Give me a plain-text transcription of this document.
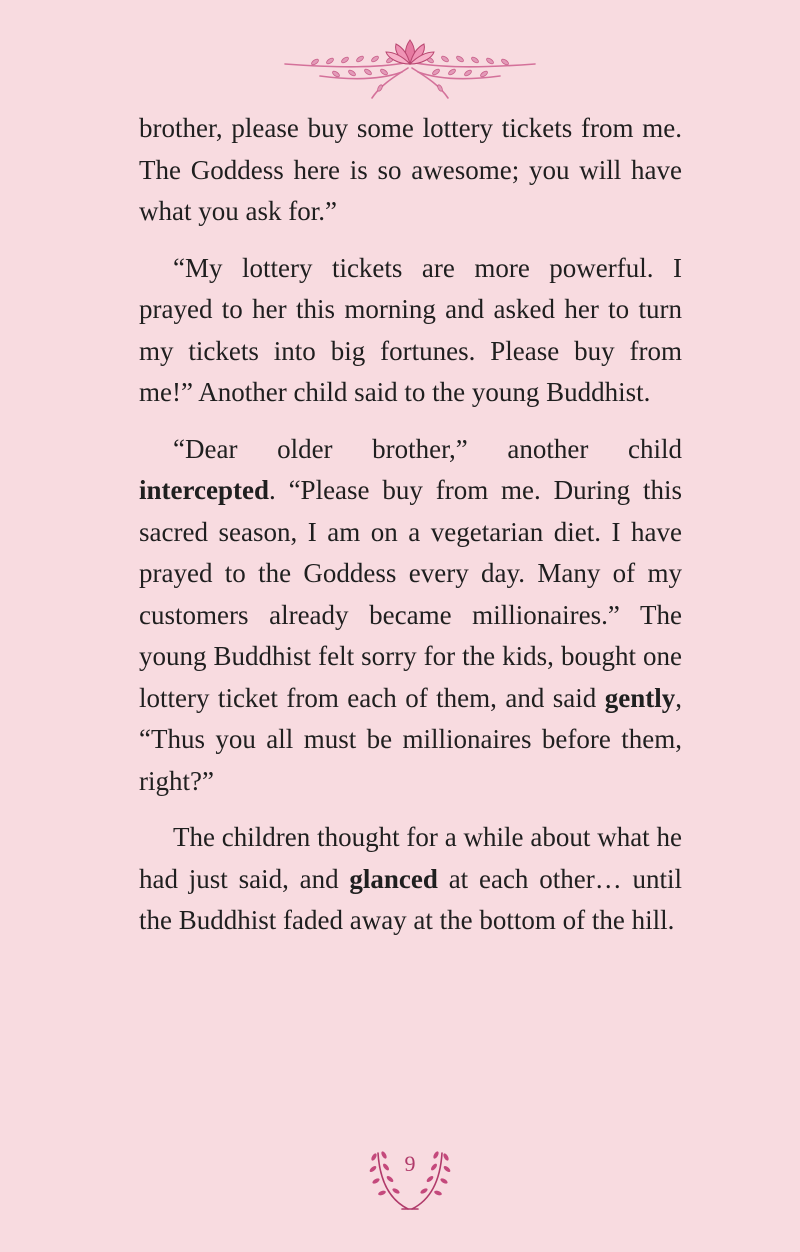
brother, please buy some lottery tickets from me. The Goddess here is so awesome; you will have what you ask for.”

“My lottery tickets are more powerful. I prayed to her this morning and asked her to turn my tickets into big fortunes. Please buy from me!” Another child said to the young Buddhist.

“Dear older brother,” another child intercepted. “Please buy from me. During this sacred season, I am on a vegetarian diet. I have prayed to the Goddess every day. Many of my customers already became millionaires.” The young Buddhist felt sorry for the kids, bought one lottery ticket from each of them, and said gently, “Thus you all must be millionaires before them, right?”

The children thought for a while about what he had just said, and glanced at each other… until the Buddhist faded away at the bottom of the hill.

9
